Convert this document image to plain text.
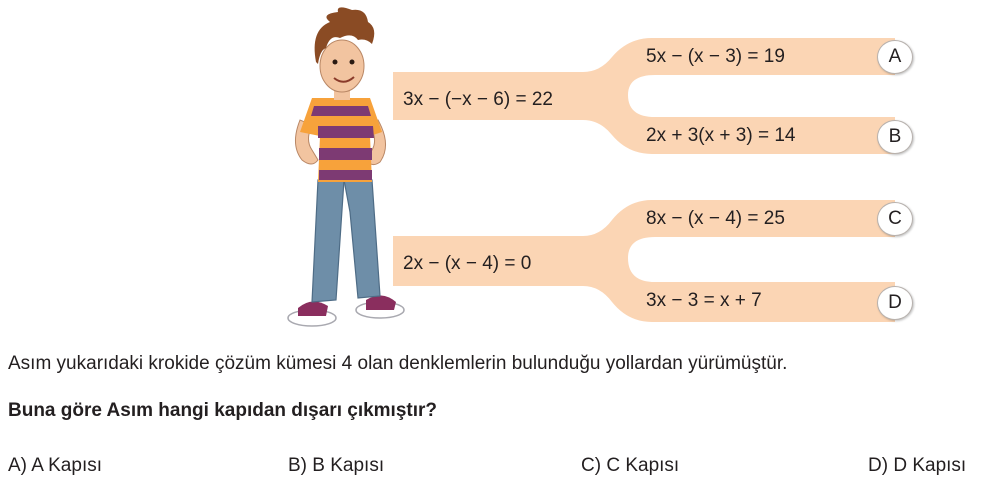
3x − (−x − 6) = 22
5x − (x − 3) = 19
2x + 3(x + 3) = 14
2x − (x − 4) = 0
8x − (x − 4) = 25
3x − 3 = x + 7
A
B
C
D
Asım yukarıdaki krokide çözüm kümesi 4 olan denklemlerin bulunduğu yollardan yürümüştür.
Buna göre Asım hangi kapıdan dışarı çıkmıştır?
A) A Kapısı	B) B Kapısı	C) C Kapısı	D) D Kapısı
